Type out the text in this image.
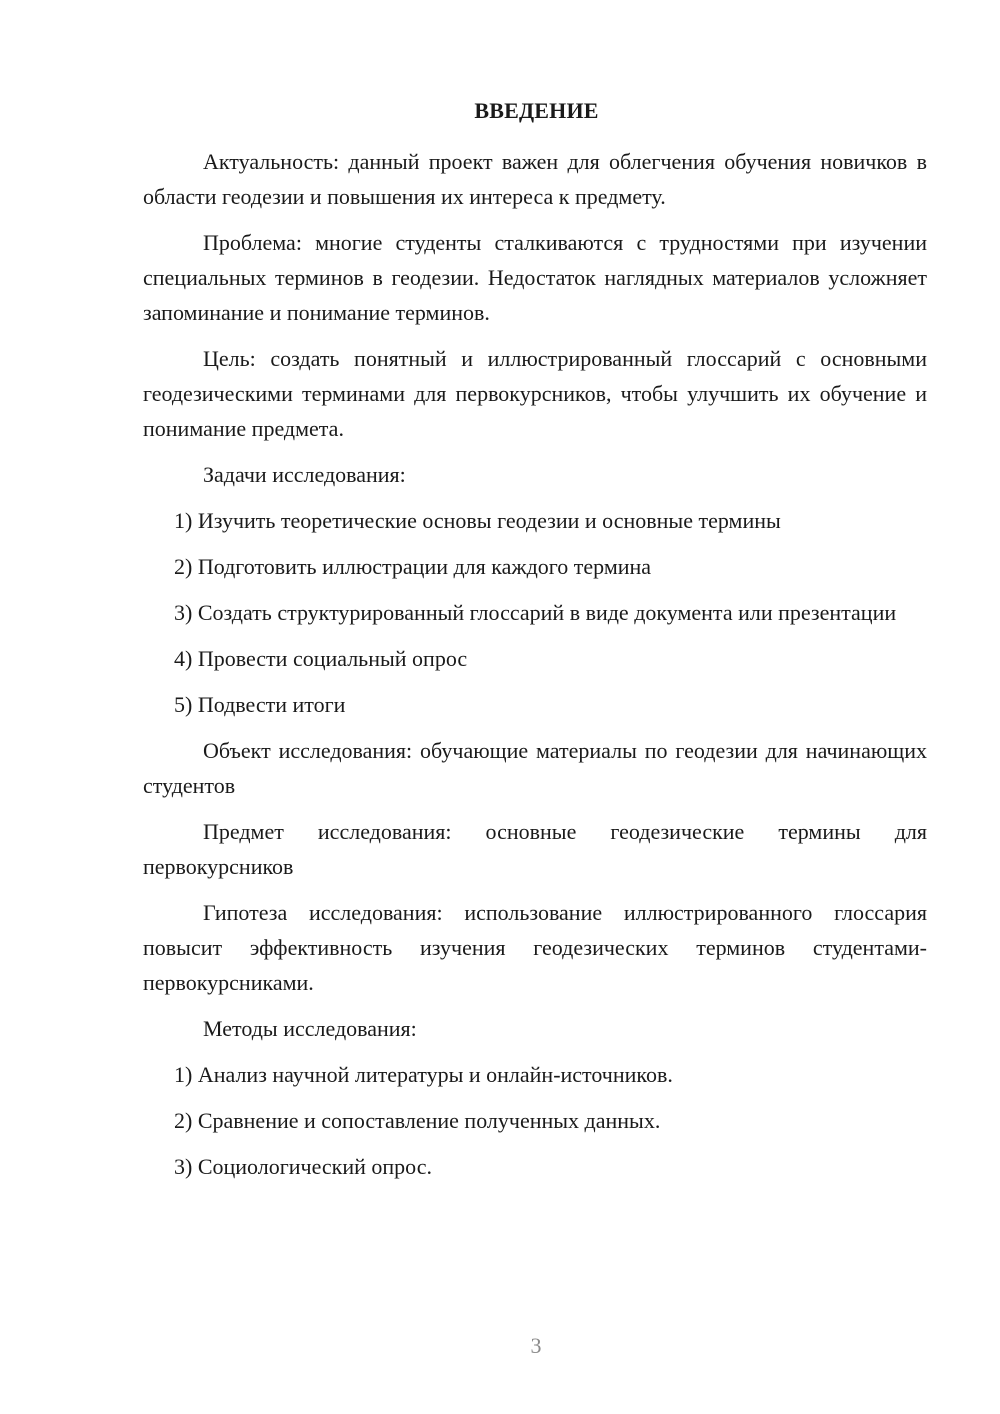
ВВЕДЕНИЕ

Актуальность: данный проект важен для облегчения обучения новичков в области геодезии и повышения их интереса к предмету.

Проблема: многие студенты сталкиваются с трудностями при изучении специальных терминов в геодезии. Недостаток наглядных материалов усложняет запоминание и понимание терминов.

Цель: создать понятный и иллюстрированный глоссарий с основными геодезическими терминами для первокурсников, чтобы улучшить их обучение и понимание предмета.

Задачи исследования:

1) Изучить теоретические основы геодезии и основные термины

2) Подготовить иллюстрации для каждого термина

3) Создать структурированный глоссарий в виде документа или презентации

4) Провести социальный опрос

5) Подвести итоги

Объект исследования: обучающие материалы по геодезии для начинающих студентов

Предмет исследования: основные геодезические термины для первокурсников

Гипотеза исследования: использование иллюстрированного глоссария повысит эффективность изучения геодезических терминов студентами-первокурсниками.

Методы исследования:

1) Анализ научной литературы и онлайн-источников.

2) Сравнение и сопоставление полученных данных.

3) Социологический опрос.

3
